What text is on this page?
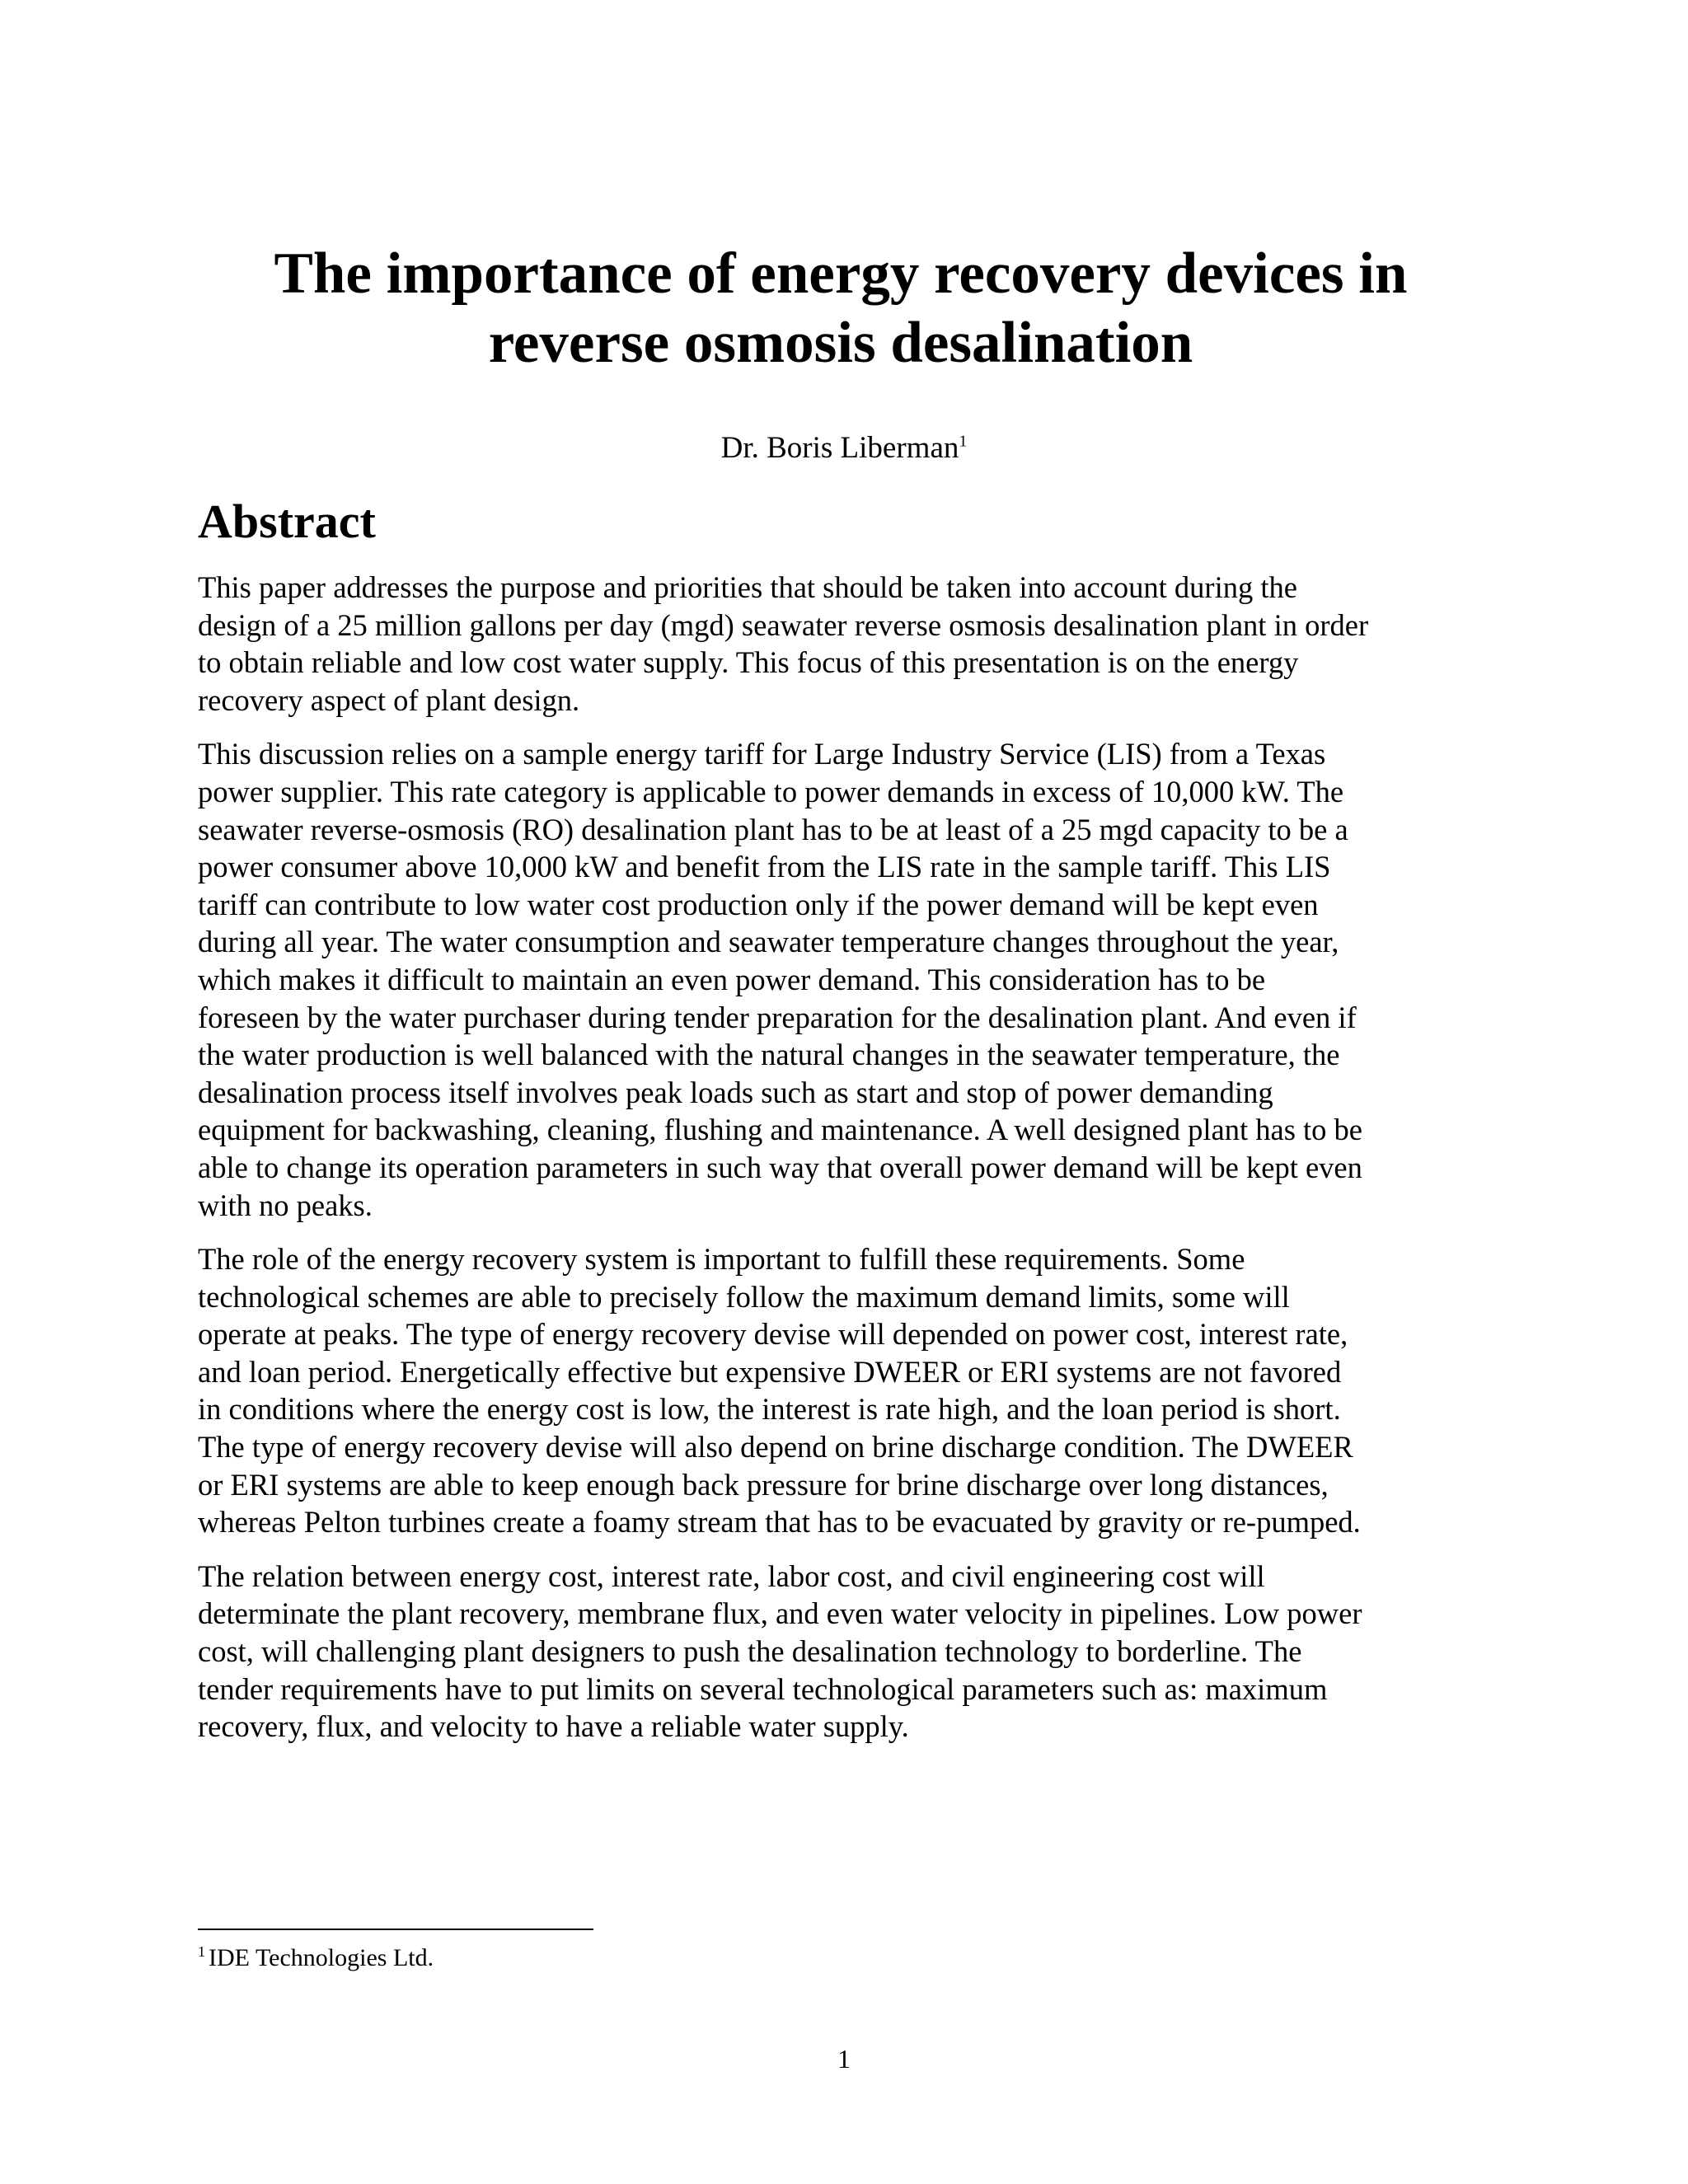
The importance of energy recovery devices in
reverse osmosis desalination
Dr. Boris Liberman$^1$
Abstract

This paper addresses the purpose and priorities that should be taken into account during the
design of a 25 million gallons per day (mgd) seawater reverse osmosis desalination plant in order
to obtain reliable and low cost water supply. This focus of this presentation is on the energy
recovery aspect of plant design.

This discussion relies on a sample energy tariff for Large Industry Service (LIS) from a Texas
power supplier. This rate category is applicable to power demands in excess of 10,000 kW. The
seawater reverse-osmosis (RO) desalination plant has to be at least of a 25 mgd capacity to be a
power consumer above 10,000 kW and benefit from the LIS rate in the sample tariff. This LIS
tariff can contribute to low water cost production only if the power demand will be kept even
during all year. The water consumption and seawater temperature changes throughout the year,
which makes it difficult to maintain an even power demand. This consideration has to be
foreseen by the water purchaser during tender preparation for the desalination plant. And even if
the water production is well balanced with the natural changes in the seawater temperature, the
desalination process itself involves peak loads such as start and stop of power demanding
equipment for backwashing, cleaning, flushing and maintenance. A well designed plant has to be
able to change its operation parameters in such way that overall power demand will be kept even
with no peaks.

The role of the energy recovery system is important to fulfill these requirements. Some
technological schemes are able to precisely follow the maximum demand limits, some will
operate at peaks. The type of energy recovery devise will depended on power cost, interest rate,
and loan period. Energetically effective but expensive DWEER or ERI systems are not favored
in conditions where the energy cost is low, the interest is rate high, and the loan period is short.
The type of energy recovery devise will also depend on brine discharge condition. The DWEER
or ERI systems are able to keep enough back pressure for brine discharge over long distances,
whereas Pelton turbines create a foamy stream that has to be evacuated by gravity or re-pumped.

The relation between energy cost, interest rate, labor cost, and civil engineering cost will
determinate the plant recovery, membrane flux, and even water velocity in pipelines. Low power
cost, will challenging plant designers to push the desalination technology to borderline. The
tender requirements have to put limits on several technological parameters such as: maximum
recovery, flux, and velocity to have a reliable water supply.

$^1$ IDE Technologies Ltd.
1
